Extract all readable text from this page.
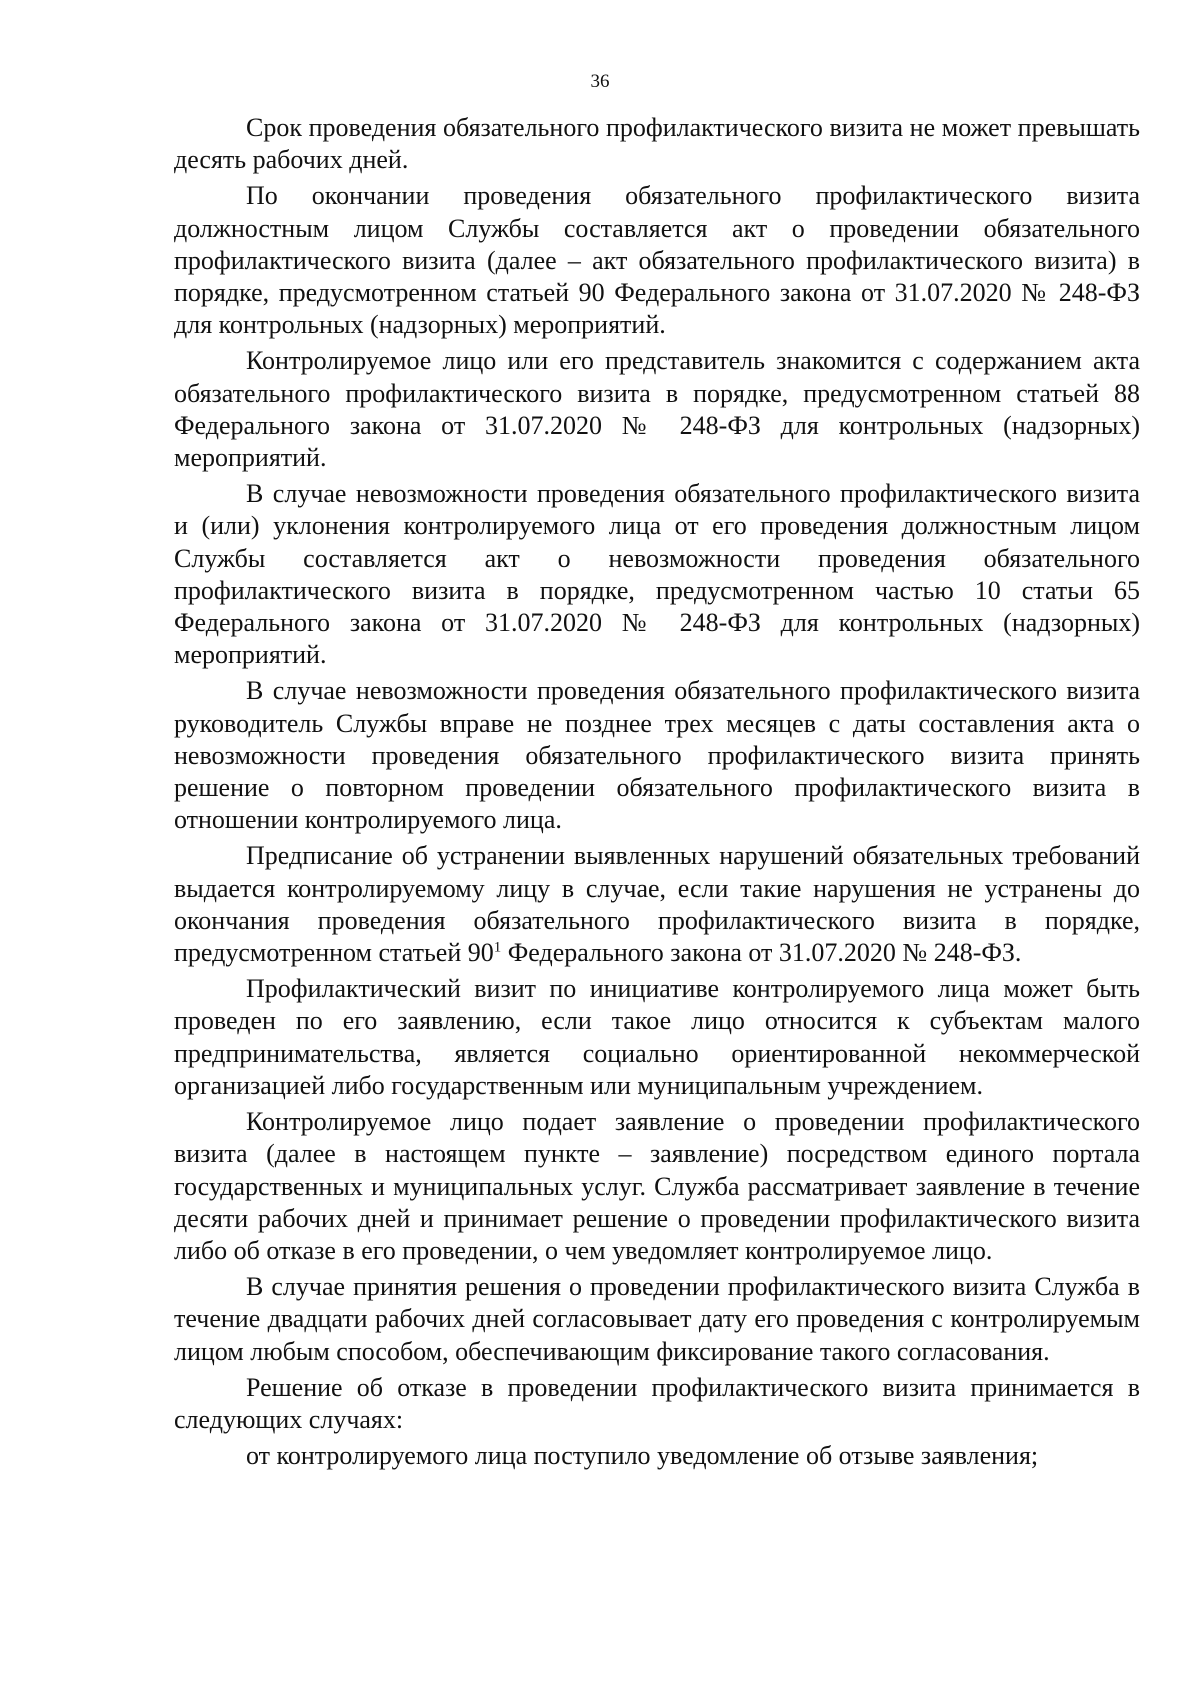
36

Срок проведения обязательного профилактического визита не может превышать десять рабочих дней.

По окончании проведения обязательного профилактического визита должностным лицом Службы составляется акт о проведении обязательного профилактического визита (далее – акт обязательного профилактического визита) в порядке, предусмотренном статьей 90 Федерального закона от 31.07.2020 № 248-ФЗ для контрольных (надзорных) мероприятий.

Контролируемое лицо или его представитель знакомится с содержанием акта обязательного профилактического визита в порядке, предусмотренном статьей 88 Федерального закона от 31.07.2020 № 248-ФЗ для контрольных (надзорных) мероприятий.

В случае невозможности проведения обязательного профилактического визита и (или) уклонения контролируемого лица от его проведения должностным лицом Службы составляется акт о невозможности проведения обязательного профилактического визита в порядке, предусмотренном частью 10 статьи 65 Федерального закона от 31.07.2020 № 248-ФЗ для контрольных (надзорных) мероприятий.

В случае невозможности проведения обязательного профилактического визита руководитель Службы вправе не позднее трех месяцев с даты составления акта о невозможности проведения обязательного профилактического визита принять решение о повторном проведении обязательного профилактического визита в отношении контролируемого лица.

Предписание об устранении выявленных нарушений обязательных требований выдается контролируемому лицу в случае, если такие нарушения не устранены до окончания проведения обязательного профилактического визита в порядке, предусмотренном статьей $90^1$ Федерального закона от 31.07.2020 № 248-ФЗ.

Профилактический визит по инициативе контролируемого лица может быть проведен по его заявлению, если такое лицо относится к субъектам малого предпринимательства, является социально ориентированной некоммерческой организацией либо государственным или муниципальным учреждением.

Контролируемое лицо подает заявление о проведении профилактического визита (далее в настоящем пункте – заявление) посредством единого портала государственных и муниципальных услуг. Служба рассматривает заявление в течение десяти рабочих дней и принимает решение о проведении профилактического визита либо об отказе в его проведении, о чем уведомляет контролируемое лицо.

В случае принятия решения о проведении профилактического визита Служба в течение двадцати рабочих дней согласовывает дату его проведения с контролируемым лицом любым способом, обеспечивающим фиксирование такого согласования.

Решение об отказе в проведении профилактического визита принимается в следующих случаях:

от контролируемого лица поступило уведомление об отзыве заявления;
